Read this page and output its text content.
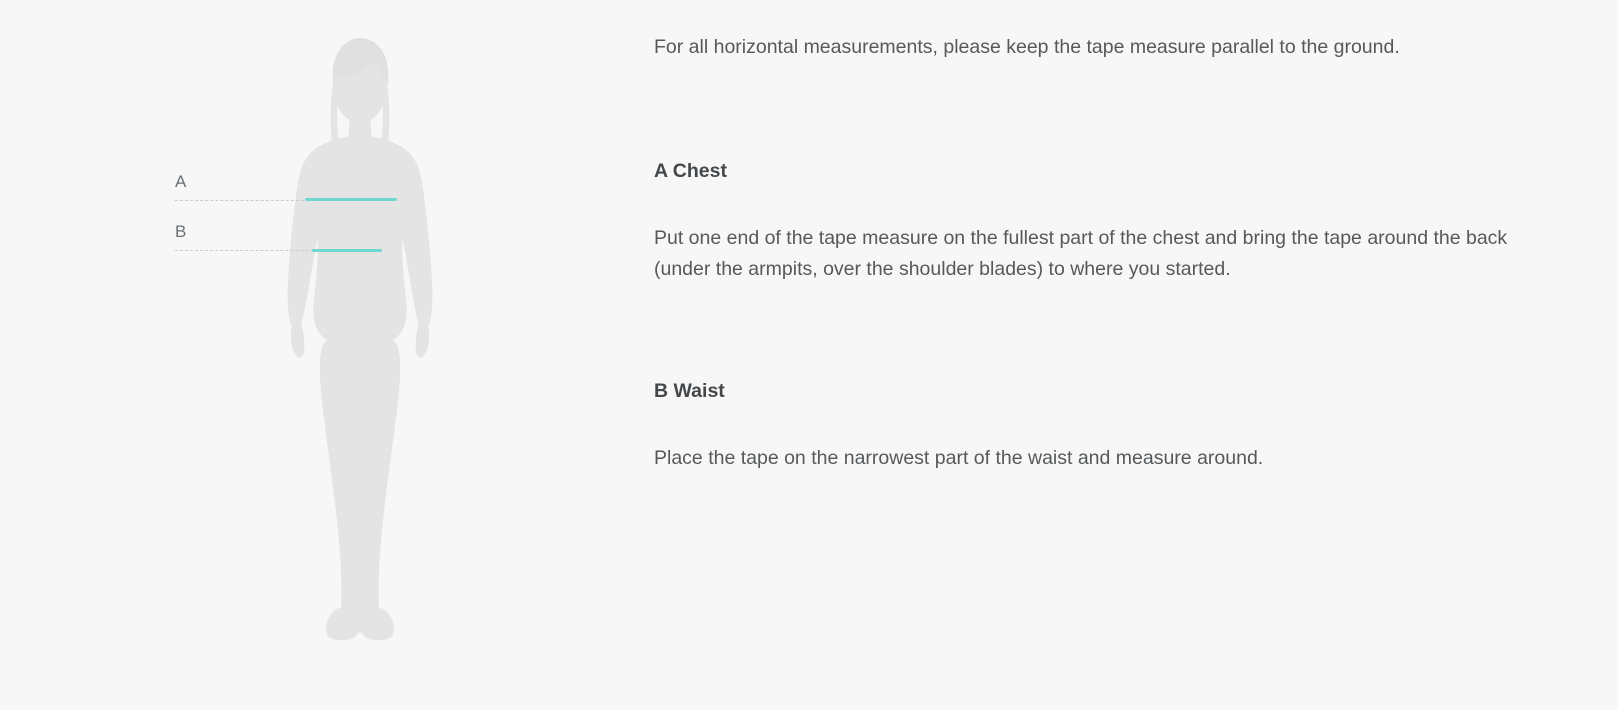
A
B

For all horizontal measurements, please keep the tape measure parallel to the ground.

A Chest

Put one end of the tape measure on the fullest part of the chest and bring the tape around the back (under the armpits, over the shoulder blades) to where you started.

B Waist

Place the tape on the narrowest part of the waist and measure around.
